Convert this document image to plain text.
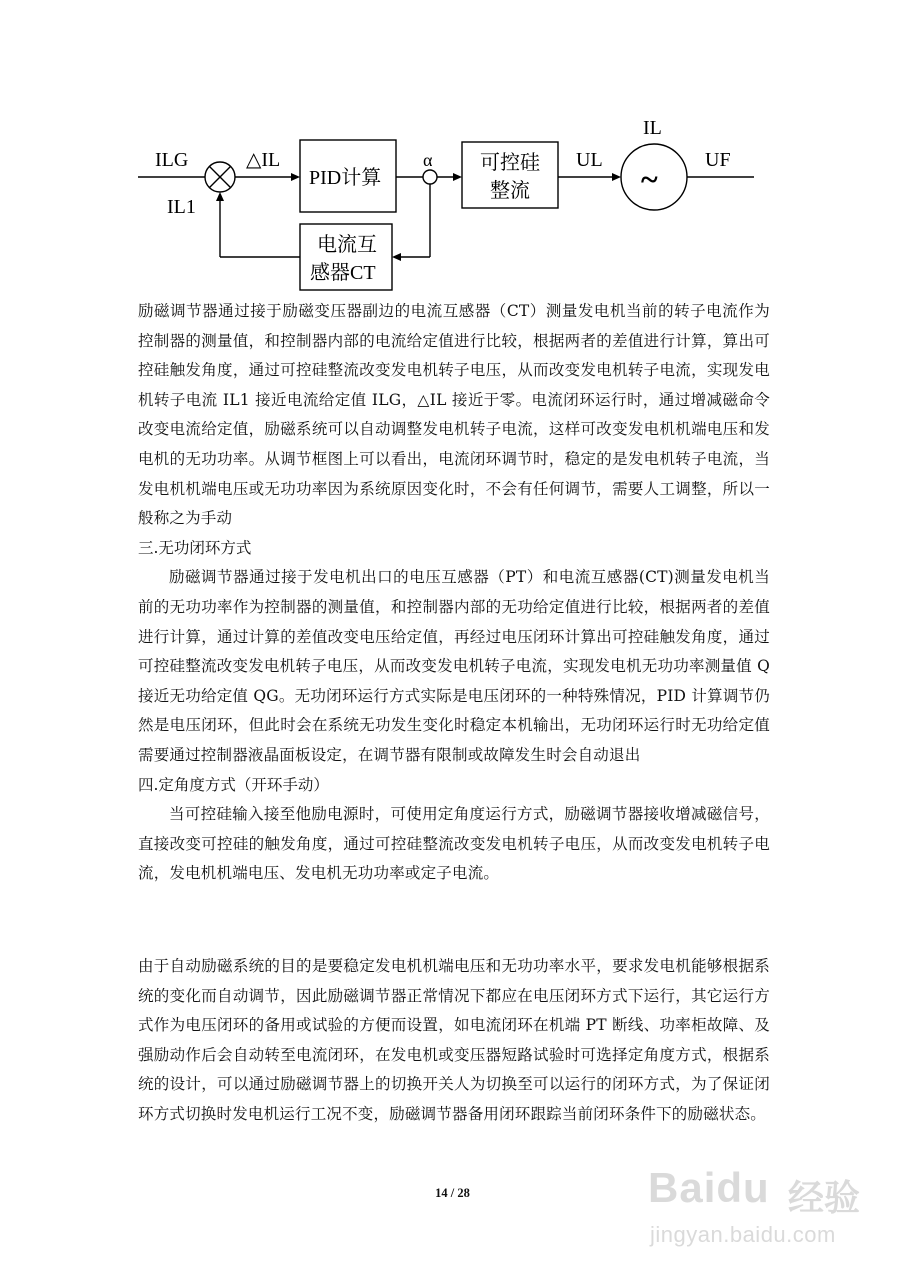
ILG
IL1
△IL
PID计算
α 可控硅
整流
UL
IL
~
UF
电流互
感器CT

励磁调节器通过接于励磁变压器副边的电流互感器（CT）测量发电机当前的转子电流作为控制器的测量值，和控制器内部的电流给定值进行比较，根据两者的差值进行计算，算出可控硅触发角度，通过可控硅整流改变发电机转子电压，从而改变发电机转子电流，实现发电机转子电流 IL1 接近电流给定值 ILG，△IL 接近于零。电流闭环运行时，通过增减磁命令改变电流给定值，励磁系统可以自动调整发电机转子电流，这样可改变发电机机端电压和发电机的无功功率。从调节框图上可以看出，电流闭环调节时，稳定的是发电机转子电流，当发电机机端电压或无功功率因为系统原因变化时，不会有任何调节，需要人工调整，所以一般称之为手动

三.无功闭环方式

励磁调节器通过接于发电机出口的电压互感器（PT）和电流互感器(CT)测量发电机当前的无功功率作为控制器的测量值，和控制器内部的无功给定值进行比较，根据两者的差值进行计算，通过计算的差值改变电压给定值，再经过电压闭环计算出可控硅触发角度，通过可控硅整流改变发电机转子电压，从而改变发电机转子电流，实现发电机无功功率测量值 Q 接近无功给定值 QG。无功闭环运行方式实际是电压闭环的一种特殊情况，PID 计算调节仍然是电压闭环，但此时会在系统无功发生变化时稳定本机输出，无功闭环运行时无功给定值需要通过控制器液晶面板设定，在调节器有限制或故障发生时会自动退出

四.定角度方式（开环手动）

当可控硅输入接至他励电源时，可使用定角度运行方式，励磁调节器接收增减磁信号，直接改变可控硅的触发角度，通过可控硅整流改变发电机转子电压，从而改变发电机转子电流，发电机机端电压、发电机无功功率或定子电流。

由于自动励磁系统的目的是要稳定发电机机端电压和无功功率水平，要求发电机能够根据系统的变化而自动调节，因此励磁调节器正常情况下都应在电压闭环方式下运行，其它运行方式作为电压闭环的备用或试验的方便而设置，如电流闭环在机端 PT 断线、功率柜故障、及强励动作后会自动转至电流闭环，在发电机或变压器短路试验时可选择定角度方式，根据系统的设计，可以通过励磁调节器上的切换开关人为切换至可以运行的闭环方式，为了保证闭环方式切换时发电机运行工况不变，励磁调节器备用闭环跟踪当前闭环条件下的励磁状态。

14 / 28	Baidu 经验
jingyan.baidu.com
